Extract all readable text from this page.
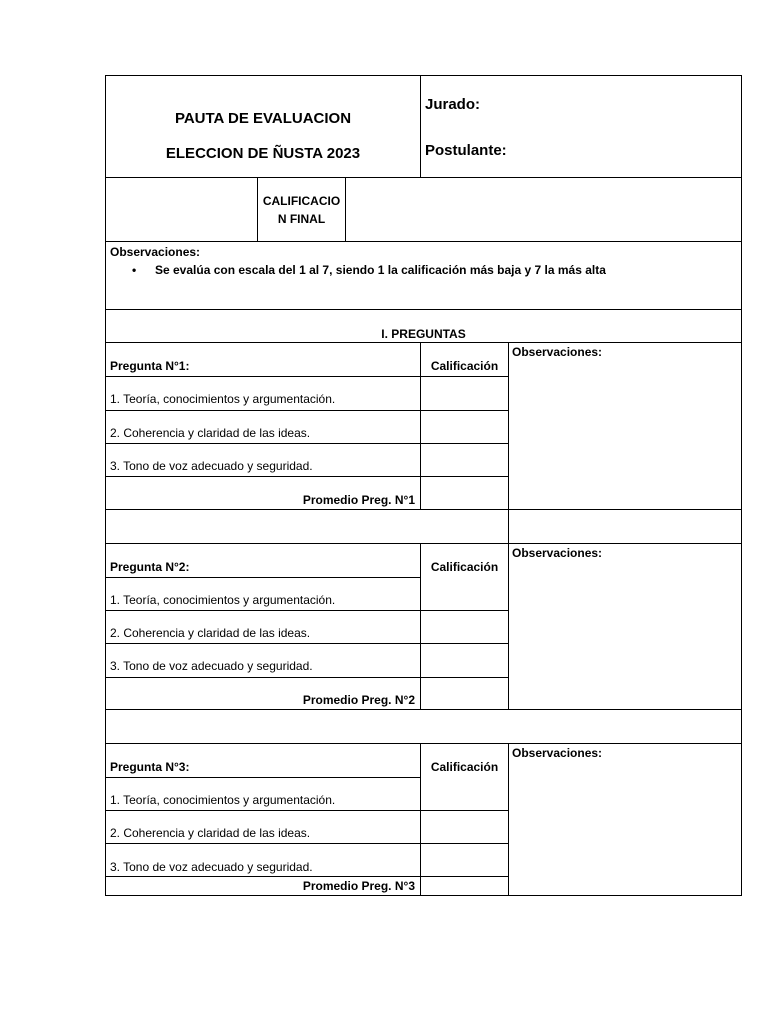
PAUTA DE EVALUACION
ELECCION DE ÑUSTA 2023
Jurado:
Postulante:
CALIFICACIO
N FINAL
Observaciones:
• Se evalúa con escala del 1 al 7, siendo 1 la calificación más baja y 7 la más alta
I. PREGUNTAS
Pregunta N°1:	Calificación
Observaciones:
1. Teoría, conocimientos y argumentación.
2. Coherencia y claridad de las ideas.
3. Tono de voz adecuado y seguridad.
Promedio Preg. N°1
Pregunta N°2:	Calificación
Observaciones:
1. Teoría, conocimientos y argumentación.
2. Coherencia y claridad de las ideas.
3. Tono de voz adecuado y seguridad.
Promedio Preg. N°2
Pregunta N°3:	Calificación
Observaciones:
1. Teoría, conocimientos y argumentación.
2. Coherencia y claridad de las ideas.
3. Tono de voz adecuado y seguridad.
Promedio Preg. N°3
